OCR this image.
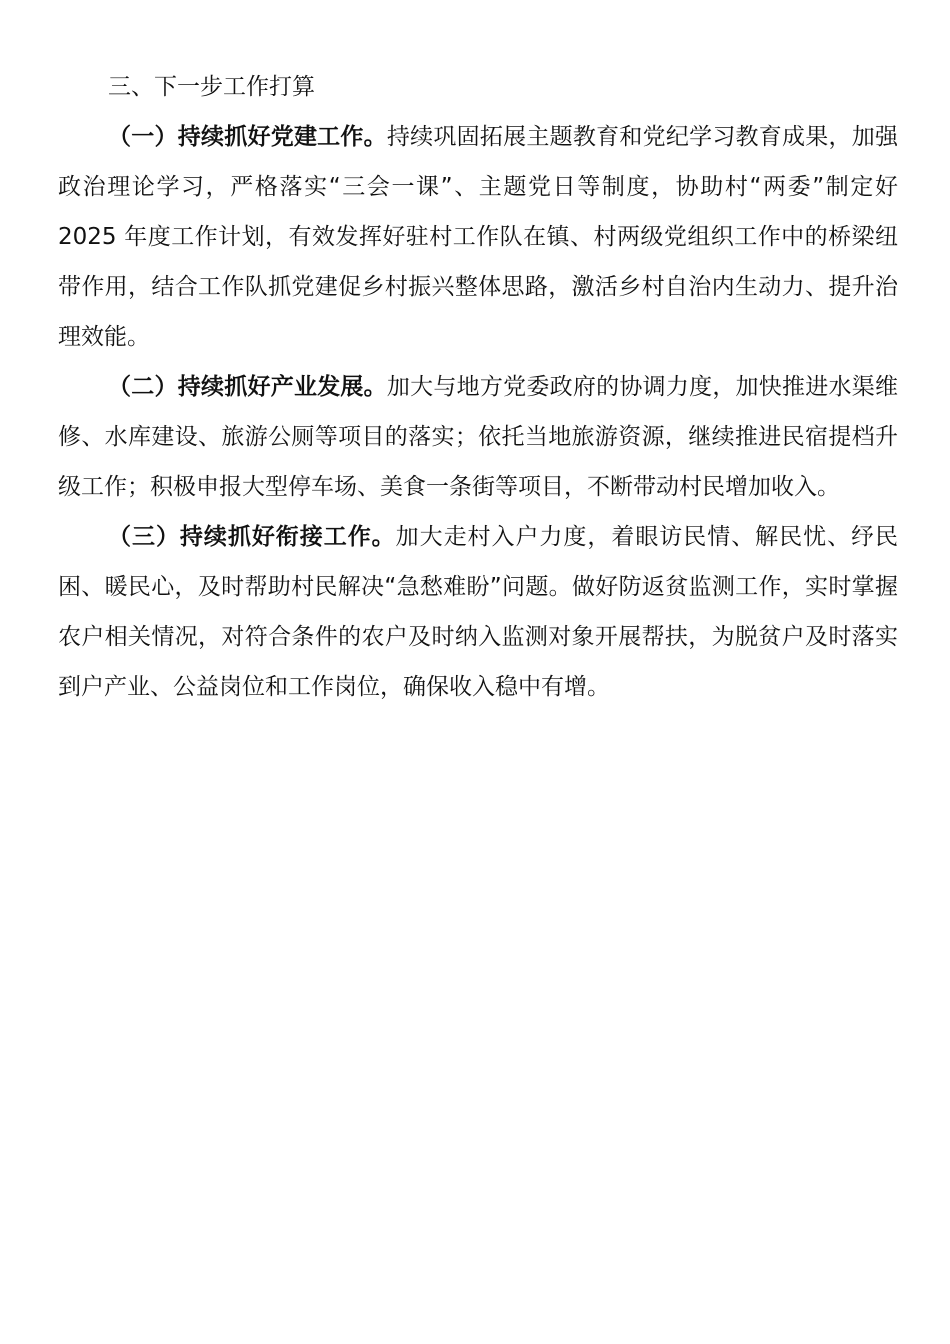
三、下一步工作打算

（一）持续抓好党建工作。持续巩固拓展主题教育和党纪学习教育成果，加强政治理论学习，严格落实“三会一课”、主题党日等制度，协助村“两委”制定好 2025 年度工作计划，有效发挥好驻村工作队在镇、村两级党组织工作中的桥梁纽带作用，结合工作队抓党建促乡村振兴整体思路，激活乡村自治内生动力、提升治理效能。

（二）持续抓好产业发展。加大与地方党委政府的协调力度，加快推进水渠维修、水库建设、旅游公厕等项目的落实；依托当地旅游资源，继续推进民宿提档升级工作；积极申报大型停车场、美食一条街等项目，不断带动村民增加收入。

（三）持续抓好衔接工作。加大走村入户力度，着眼访民情、解民忧、纾民困、暖民心，及时帮助村民解决“急愁难盼”问题。做好防返贫监测工作，实时掌握农户相关情况，对符合条件的农户及时纳入监测对象开展帮扶，为脱贫户及时落实到户产业、公益岗位和工作岗位，确保收入稳中有增。
